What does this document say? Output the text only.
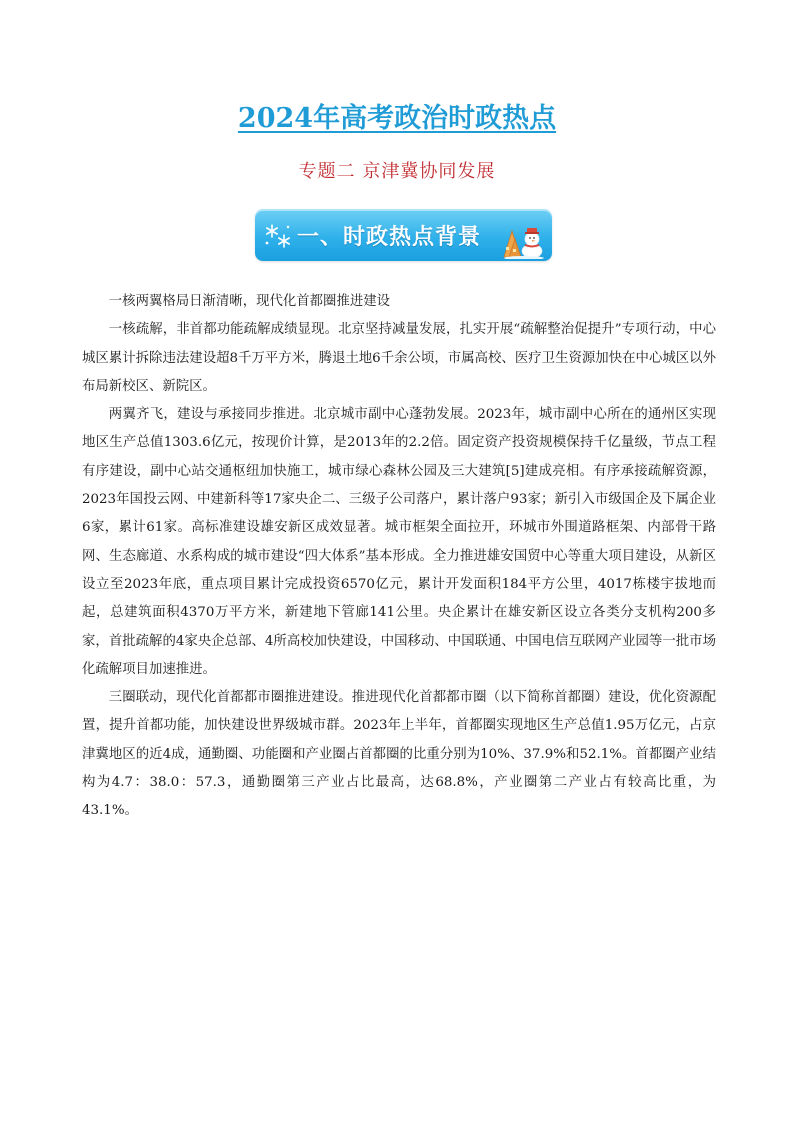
2024年高考政治时政热点
专题二 京津冀协同发展
一、时政热点背景

一核两翼格局日渐清晰，现代化首都圈推进建设

一核疏解，非首都功能疏解成绩显现。北京坚持减量发展，扎实开展“疏解整治促提升”专项行动，中心城区累计拆除违法建设超8千万平方米，腾退土地6千余公顷，市属高校、医疗卫生资源加快在中心城区以外布局新校区、新院区。

两翼齐飞，建设与承接同步推进。北京城市副中心蓬勃发展。2023年，城市副中心所在的通州区实现地区生产总值1303.6亿元，按现价计算，是2013年的2.2倍。固定资产投资规模保持千亿量级，节点工程有序建设，副中心站交通枢纽加快施工，城市绿心森林公园及三大建筑[5]建成亮相。有序承接疏解资源，2023年国投云网、中建新科等17家央企二、三级子公司落户，累计落户93家；新引入市级国企及下属企业6家，累计61家。高标准建设雄安新区成效显著。城市框架全面拉开，环城市外围道路框架、内部骨干路网、生态廊道、水系构成的城市建设“四大体系”基本形成。全力推进雄安国贸中心等重大项目建设，从新区设立至2023年底，重点项目累计完成投资6570亿元，累计开发面积184平方公里，4017栋楼宇拔地而起，总建筑面积4370万平方米，新建地下管廊141公里。央企累计在雄安新区设立各类分支机构200多家，首批疏解的4家央企总部、4所高校加快建设，中国移动、中国联通、中国电信互联网产业园等一批市场化疏解项目加速推进。

三圈联动，现代化首都都市圈推进建设。推进现代化首都都市圈（以下简称首都圈）建设，优化资源配置，提升首都功能，加快建设世界级城市群。2023年上半年，首都圈实现地区生产总值1.95万亿元，占京津冀地区的近4成，通勤圈、功能圈和产业圈占首都圈的比重分别为10%、37.9%和52.1%。首都圈产业结构为4.7：38.0：57.3，通勤圈第三产业占比最高，达68.8%，产业圈第二产业占有较高比重，为43.1%。
